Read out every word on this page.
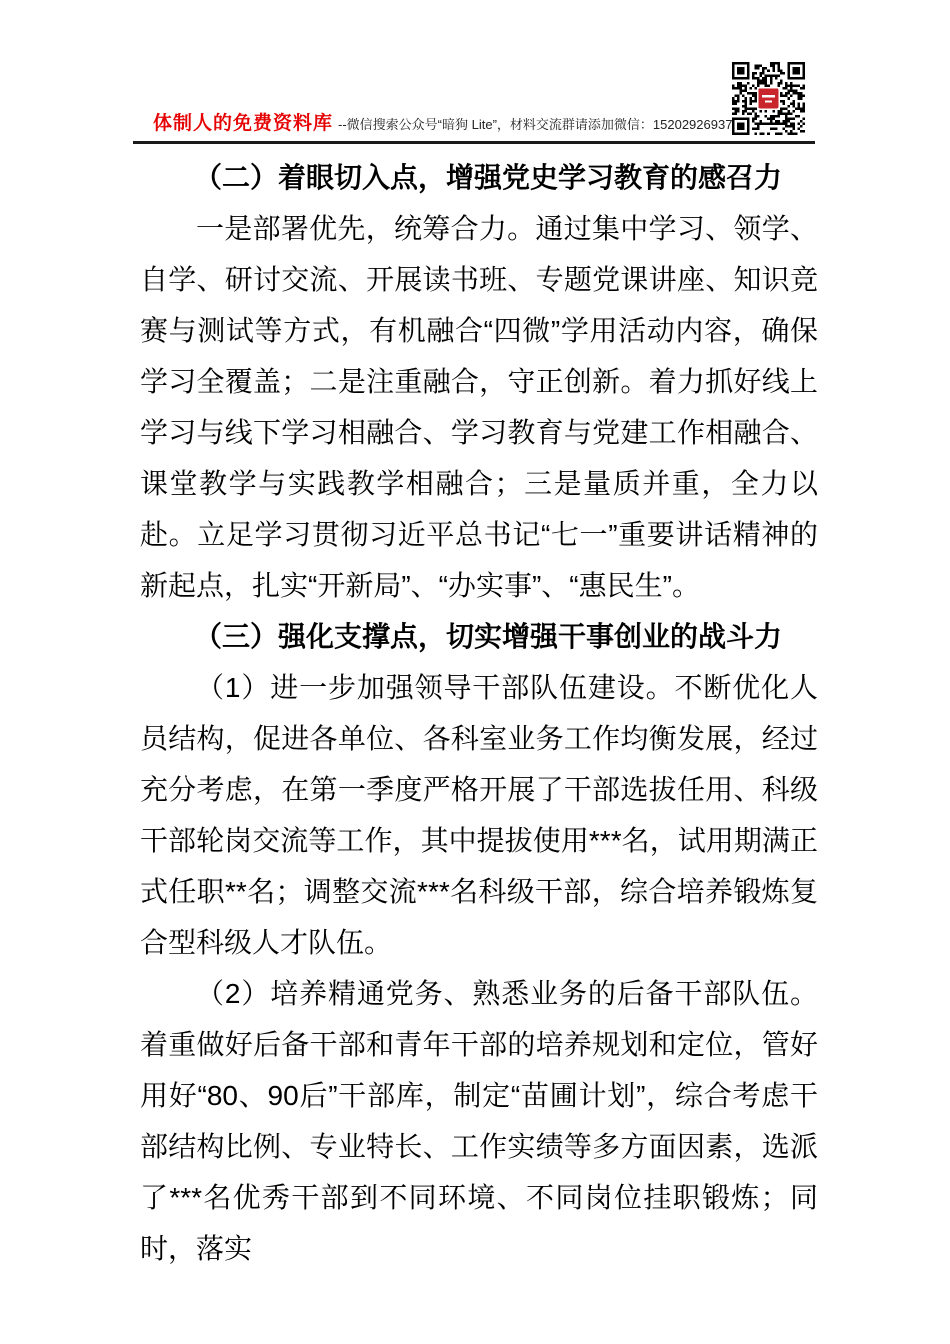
体制人的免费资料库 --微信搜索公众号“暗狗 Lite”，材料交流群请添加微信：15202926937
（二）着眼切入点，增强党史学习教育的感召力

一是部署优先，统筹合力。通过集中学习、领学、自学、研讨交流、开展读书班、专题党课讲座、知识竞赛与测试等方式，有机融合“四微”学用活动内容，确保学习全覆盖；二是注重融合，守正创新。着力抓好线上学习与线下学习相融合、学习教育与党建工作相融合、课堂教学与实践教学相融合；三是量质并重，全力以赴。立足学习贯彻习近平总书记“七一”重要讲话精神的新起点，扎实“开新局”、“办实事”、“惠民生”。

（三）强化支撑点，切实增强干事创业的战斗力

（1）进一步加强领导干部队伍建设。不断优化人员结构，促进各单位、各科室业务工作均衡发展，经过充分考虑，在第一季度严格开展了干部选拔任用、科级干部轮岗交流等工作，其中提拔使用***名，试用期满正式任职**名；调整交流***名科级干部，综合培养锻炼复合型科级人才队伍。

（2）培养精通党务、熟悉业务的后备干部队伍。着重做好后备干部和青年干部的培养规划和定位，管好用好“80、90后”干部库，制定“苗圃计划”，综合考虑干部结构比例、专业特长、工作实绩等多方面因素，选派了***名优秀干部到不同环境、不同岗位挂职锻炼；同时，落实
